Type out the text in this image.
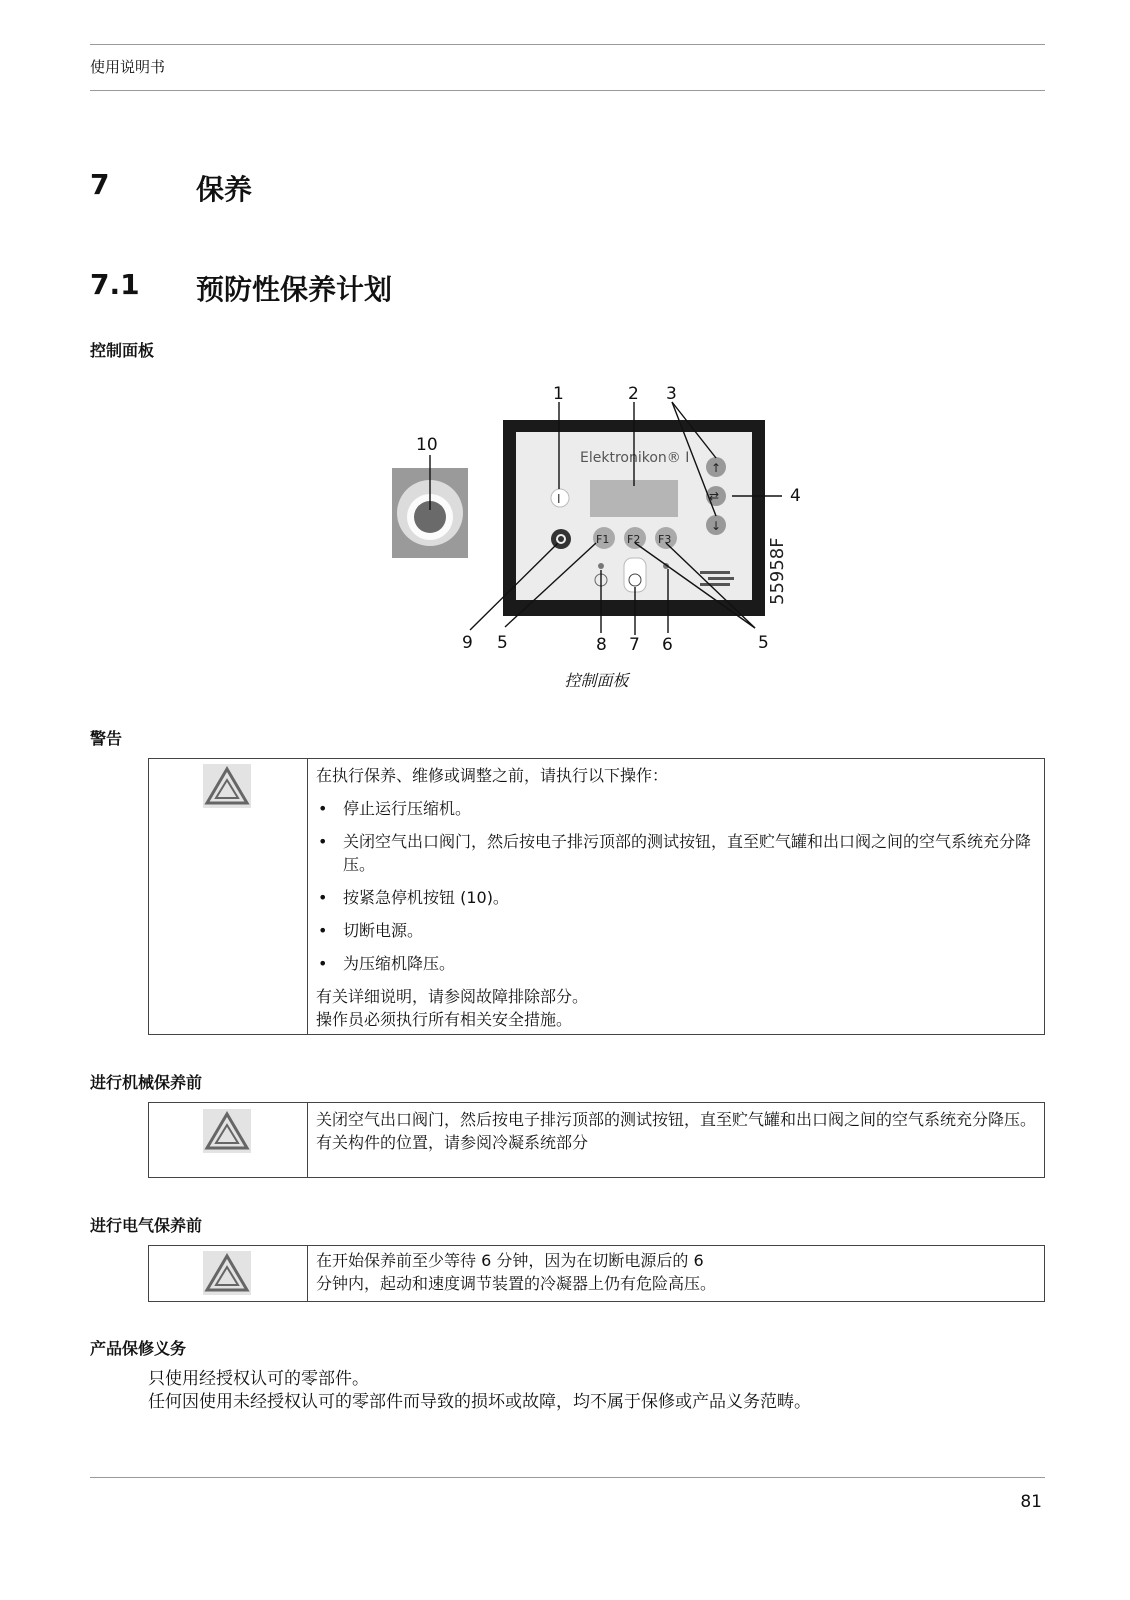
使用说明书
7	保养
7.1 预防性保养计划
控制面板
Elektronikon® I
I
F1 F2 F3
↑
⇄
↓
55958F
1	2 3
4
5	5
6
7
8
9
10
控制面板
警告

在执行保养、维修或调整之前，请执行以下操作：

• 停止运行压缩机。
• 关闭空气出口阀门，然后按电子排污顶部的测试按钮，直至贮气罐和出口阀之间的空气系统充分降压。
• 按紧急停机按钮 (10)。
• 切断电源。
• 为压缩机降压。

有关详细说明，请参阅故障排除部分。

操作员必须执行所有相关安全措施。

进行机械保养前

关闭空气出口阀门，然后按电子排污顶部的测试按钮，直至贮气罐和出口阀之间的空气系统充分降压。

有关构件的位置，请参阅冷凝系统部分

进行电气保养前

在开始保养前至少等待 6 分钟，因为在切断电源后的 6

分钟内，起动和速度调节装置的冷凝器上仍有危险高压。

产品保修义务
只使用经授权认可的零部件。
任何因使用未经授权认可的零部件而导致的损坏或故障，均不属于保修或产品义务范畴。
81
